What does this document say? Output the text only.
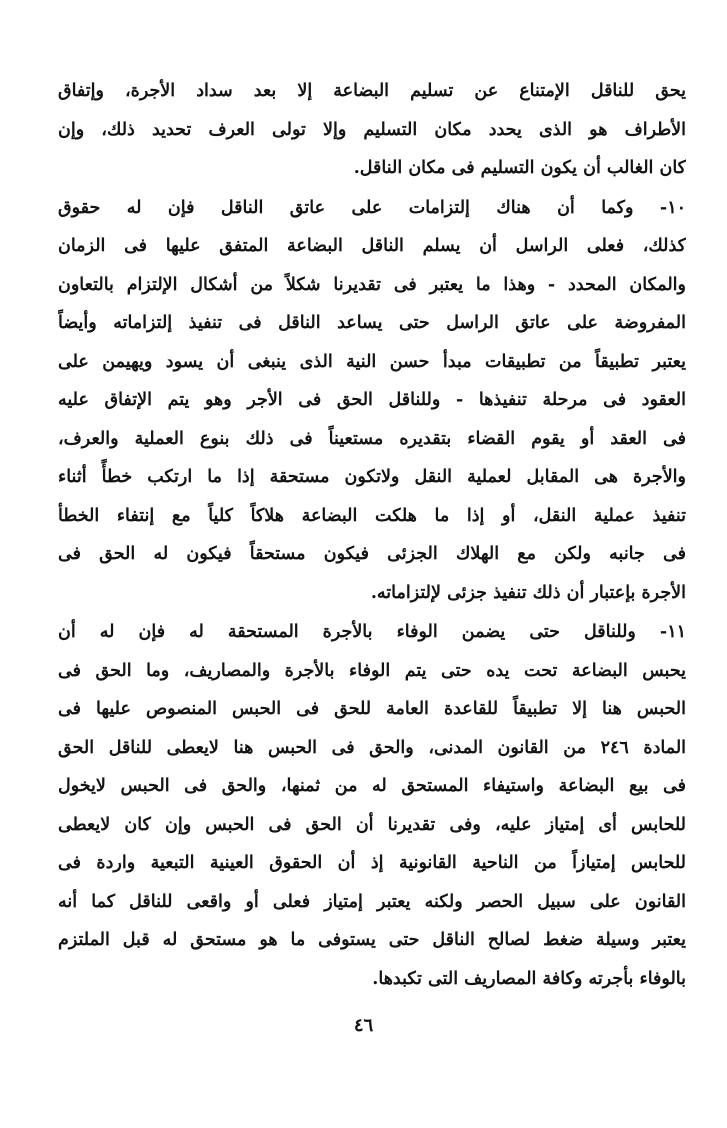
يحق للناقل الإمتناع عن تسليم البضاعة إلا بعد سداد الأجرة، وإتفاق
الأطراف هو الذى يحدد مكان التسليم وإلا تولى العرف تحديد ذلك، وإن
كان الغالب أن يكون التسليم فى مكان الناقل.
١٠- وكما أن هناك إلتزامات على عاتق الناقل فإن له حقوق
كذلك، فعلى الراسل أن يسلم الناقل البضاعة المتفق عليها فى الزمان
والمكان المحدد - وهذا ما يعتبر فى تقديرنا شكلاً من أشكال الإلتزام بالتعاون
المفروضة على عاتق الراسل حتى يساعد الناقل فى تنفيذ إلتزاماته وأيضاً
يعتبر تطبيقاً من تطبيقات مبدأ حسن النية الذى ينبغى أن يسود ويهيمن على
العقود فى مرحلة تنفيذها - وللناقل الحق فى الأجر وهو يتم الإتفاق عليه
فى العقد أو يقوم القضاء بتقديره مستعيناً فى ذلك بنوع العملية والعرف،
والأجرة هى المقابل لعملية النقل ولاتكون مستحقة إذا ما ارتكب خطأً أثناء
تنفيذ عملية النقل، أو إذا ما هلكت البضاعة هلاكاً كلياً مع إنتفاء الخطأ
فى جانبه ولكن مع الهلاك الجزئى فيكون مستحقاً فيكون له الحق فى
الأجرة بإعتبار أن ذلك تنفيذ جزئى لإلتزاماته.
١١- وللناقل حتى يضمن الوفاء بالأجرة المستحقة له فإن له أن
يحبس البضاعة تحت يده حتى يتم الوفاء بالأجرة والمصاريف، وما الحق فى
الحبس هنا إلا تطبيقاً للقاعدة العامة للحق فى الحبس المنصوص عليها فى
المادة ٢٤٦ من القانون المدنى، والحق فى الحبس هنا لايعطى للناقل الحق
فى بيع البضاعة واستيفاء المستحق له من ثمنها، والحق فى الحبس لايخول
للحابس أى إمتياز عليه، وفى تقديرنا أن الحق فى الحبس وإن كان لايعطى
للحابس إمتيازاً من الناحية القانونية إذ أن الحقوق العينية التبعية واردة فى
القانون على سبيل الحصر ولكنه يعتبر إمتياز فعلى أو واقعى للناقل كما أنه
يعتبر وسيلة ضغط لصالح الناقل حتى يستوفى ما هو مستحق له قبل الملتزم
بالوفاء بأجرته وكافة المصاريف التى تكبدها.
٤٦
